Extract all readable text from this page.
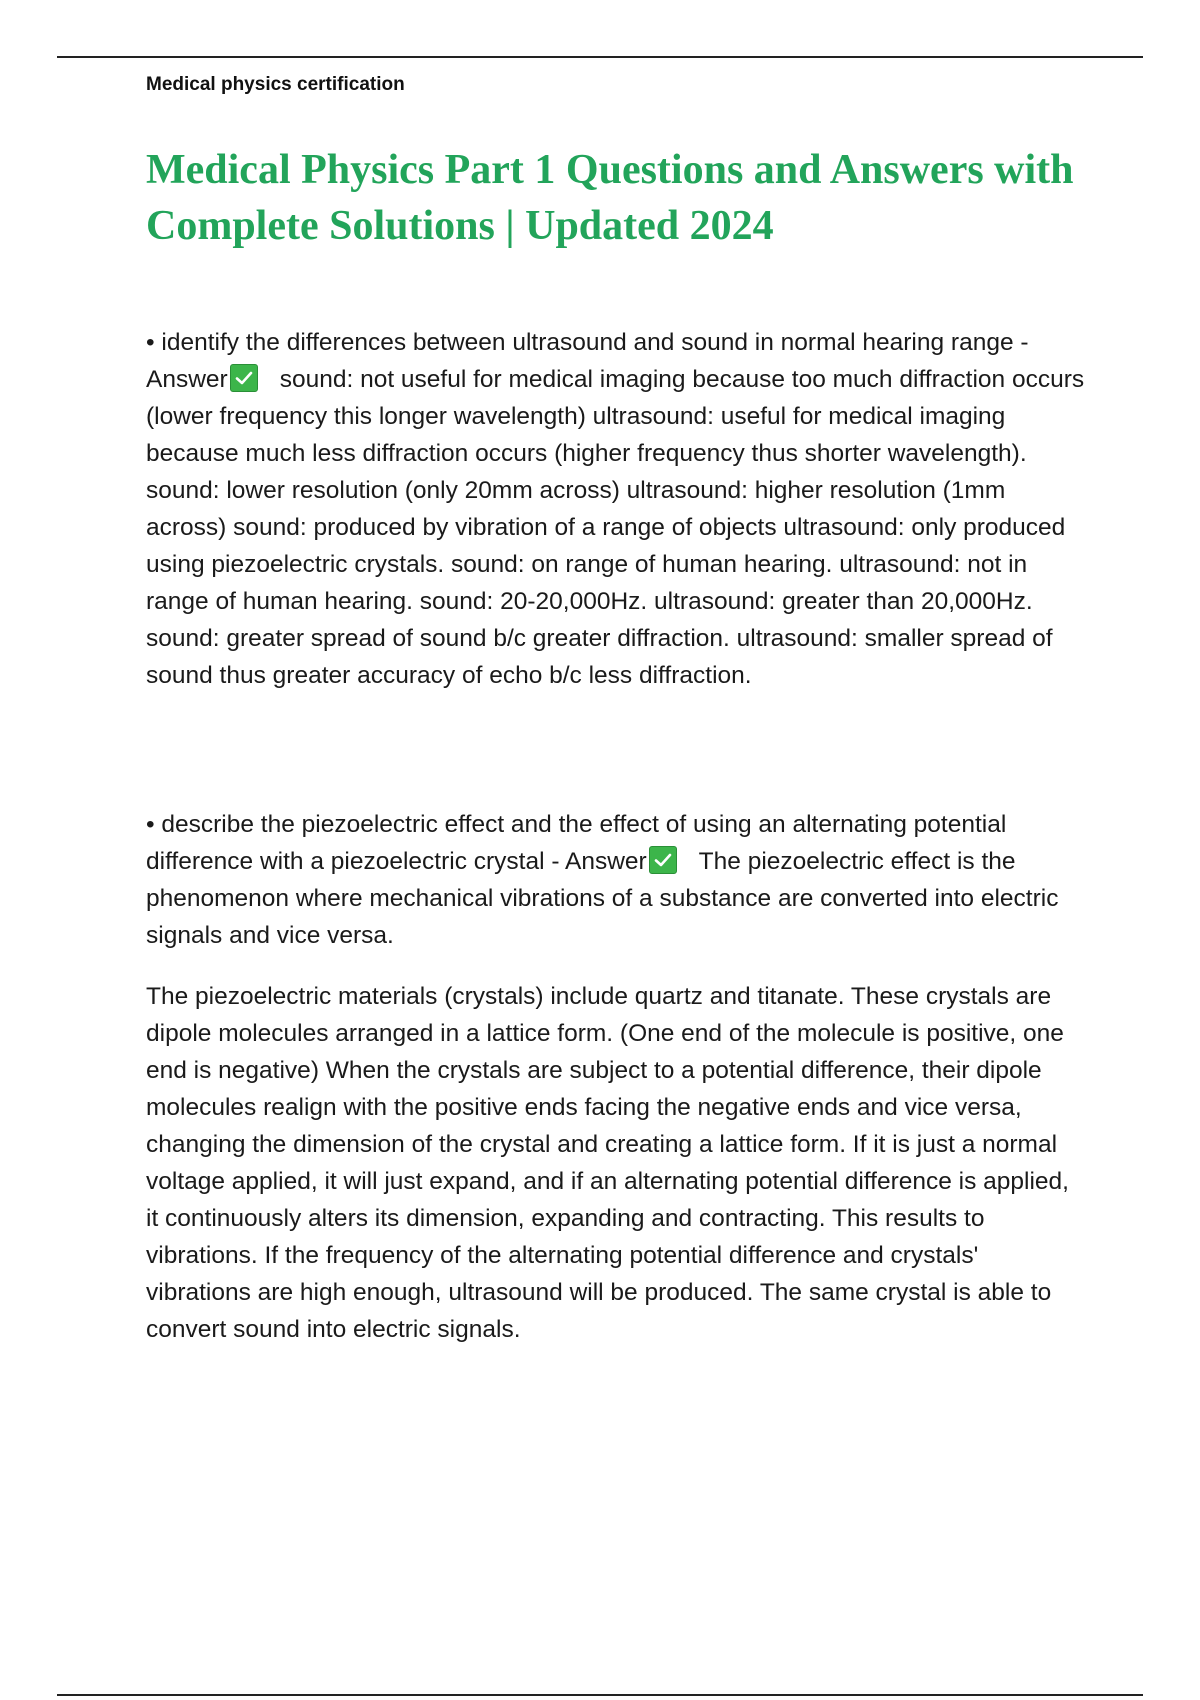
Medical physics certification
Medical Physics Part 1 Questions and Answers with Complete Solutions | Updated 2024

• identify the differences between ultrasound and sound in normal hearing range - Answer sound: not useful for medical imaging because too much diffraction occurs (lower frequency this longer wavelength) ultrasound: useful for medical imaging because much less diffraction occurs (higher frequency thus shorter wavelength). sound: lower resolution (only 20mm across) ultrasound: higher resolution (1mm across) sound: produced by vibration of a range of objects ultrasound: only produced using piezoelectric crystals. sound: on range of human hearing. ultrasound: not in range of human hearing. sound: 20-20,000Hz. ultrasound: greater than 20,000Hz. sound: greater spread of sound b/c greater diffraction. ultrasound: smaller spread of sound thus greater accuracy of echo b/c less diffraction.

• describe the piezoelectric effect and the effect of using an alternating potential difference with a piezoelectric crystal - Answer The piezoelectric effect is the phenomenon where mechanical vibrations of a substance are converted into electric signals and vice versa.

The piezoelectric materials (crystals) include quartz and titanate. These crystals are dipole molecules arranged in a lattice form. (One end of the molecule is positive, one end is negative) When the crystals are subject to a potential difference, their dipole molecules realign with the positive ends facing the negative ends and vice versa, changing the dimension of the crystal and creating a lattice form. If it is just a normal voltage applied, it will just expand, and if an alternating potential difference is applied, it continuously alters its dimension, expanding and contracting. This results to vibrations. If the frequency of the alternating potential difference and crystals' vibrations are high enough, ultrasound will be produced. The same crystal is able to convert sound into electric signals.
